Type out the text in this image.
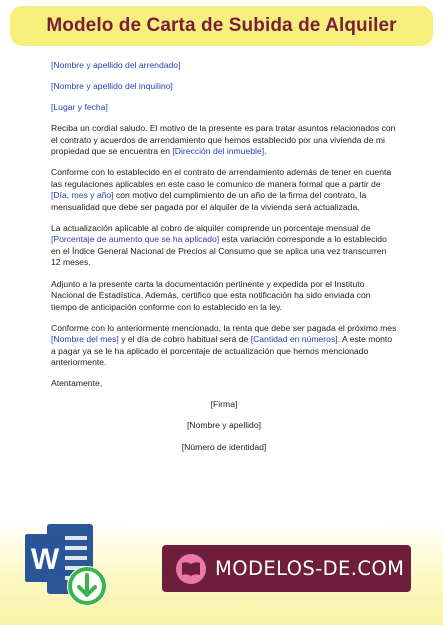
Modelo de Carta de Subida de Alquiler

[Nombre y apellido del arrendado]

[Nombre y apellido del inquilino]

[Lugar y fecha]

Reciba un cordial saludo. El motivo de la presente es para tratar asuntos relacionados con el contrato y acuerdos de arrendamiento que hemos establecido por una vivienda de mi propiedad que se encuentra en [Dirección del inmueble].

Conforme con lo establecido en el contrato de arrendamiento además de tener en cuenta las regulaciones aplicables en este caso le comunico de manera formal que a partir de [Día, mes y año] con motivo del cumplimiento de un año de la firma del contrato, la mensualidad que debe ser pagada por el alquiler de la vivienda será actualizada.

La actualización aplicable al cobro de alquiler comprende un porcentaje mensual de [Porcentaje de aumento que se ha aplicado] esta variación corresponde a lo establecido en el Índice General Nacional de Precios al Consumo que se aplica una vez transcurren 12 meses.

Adjunto a la presente carta la documentación pertinente y expedida por el Instituto Nacional de Estadística. Además, certifico que esta notificación ha sido enviada con tiempo de anticipación conforme con lo establecido en la ley.

Conforme con lo anteriormente mencionado, la renta que debe ser pagada el próximo mes [Nombre del mes] y el día de cobro habitual será de [Cantidad en números]. A este monto a pagar ya se le ha aplicado el porcentaje de actualización que hemos mencionado anteriormente.

Atentamente,

[Firma]

[Nombre y apellido]

[Número de identidad]

W	MODELOS-DE.COM
